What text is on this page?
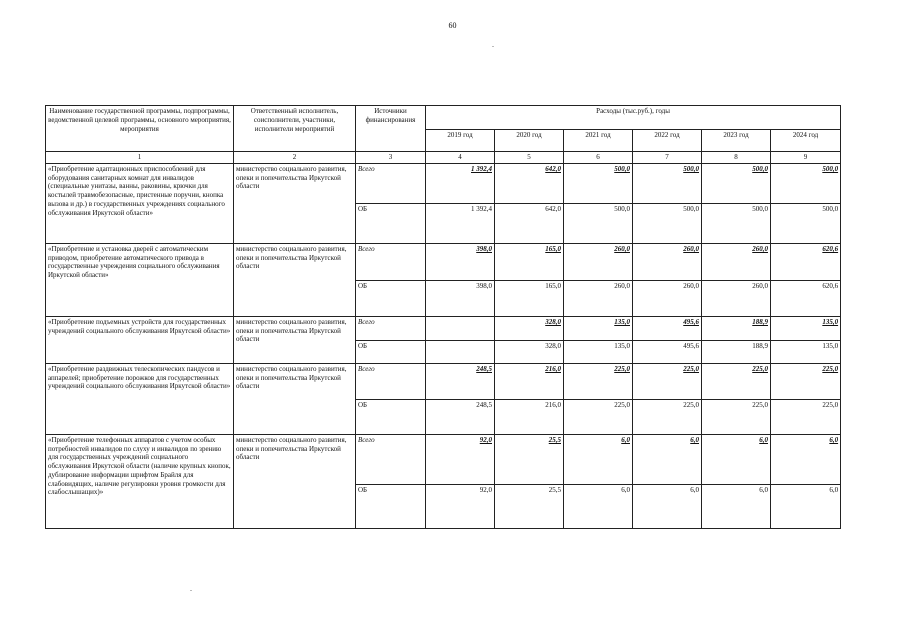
60
Наименование государственной программы, подпрограммы, ведомственной целевой программы, основного мероприятия, мероприятия	Ответственный исполнитель, соисполнители, участники, исполнители мероприятий	Источники финансирования	Расходы (тыс.руб.), годы					
			2019 год	2020 год	2021 год	2022 год	2023 год	2024 год
1	2	3	4	5	6	7	8	9
«Приобретение адаптационных приспособлений для оборудования санитарных комнат для инвалидов (специальные унитазы, ванны, раковины, крючки для костылей травмобезопасные, пристенные поручни, кнопка вызова и др.) в государственных учреждениях социального обслуживания Иркутской области»	министерство социального развития, опеки и попечительства Иркутской области	Всего	1 392,4	642,0	500,0	500,0	500,0	500,0
		ОБ	1 392,4	642,0	500,0	500,0	500,0	500,0
«Приобретение и установка дверей с автоматическим приводом, приобретение автоматического привода в государственные учреждения социального обслуживания Иркутской области»	министерство социального развития, опеки и попечительства Иркутской области	Всего	398,0	165,0	260,0	260,0	260,0	620,6
		ОБ	398,0	165,0	260,0	260,0	260,0	620,6
«Приобретение подъемных устройств для государственных учреждений социального обслуживания Иркутской области»	министерство социального развития, опеки и попечительства Иркутской области	Всего		328,0	135,0	495,6	188,9	135,0
		ОБ		328,0	135,0	495,6	188,9	135,0
«Приобретение раздвижных телескопических пандусов и аппарелей; приобретение порожков для государственных учреждений социального обслуживания Иркутской области»	министерство социального развития, опеки и попечительства Иркутской области	Всего	248,5	216,0	225,0	225,0	225,0	225,0
		ОБ	248,5	216,0	225,0	225,0	225,0	225,0
«Приобретение телефонных аппаратов с учетом особых потребностей инвалидов по слуху и инвалидов по зрению для государственных учреждений социального обслуживания Иркутской области (наличие крупных кнопок, дублирование информации шрифтом Брайля для слабовидящих, наличие регулировки уровня громкости для слабослышащих)»	министерство социального развития, опеки и попечительства Иркутской области	Всего	92,0	25,5	6,0	6,0	6,0	6,0
		ОБ	92,0	25,5	6,0	6,0	6,0	6,0
